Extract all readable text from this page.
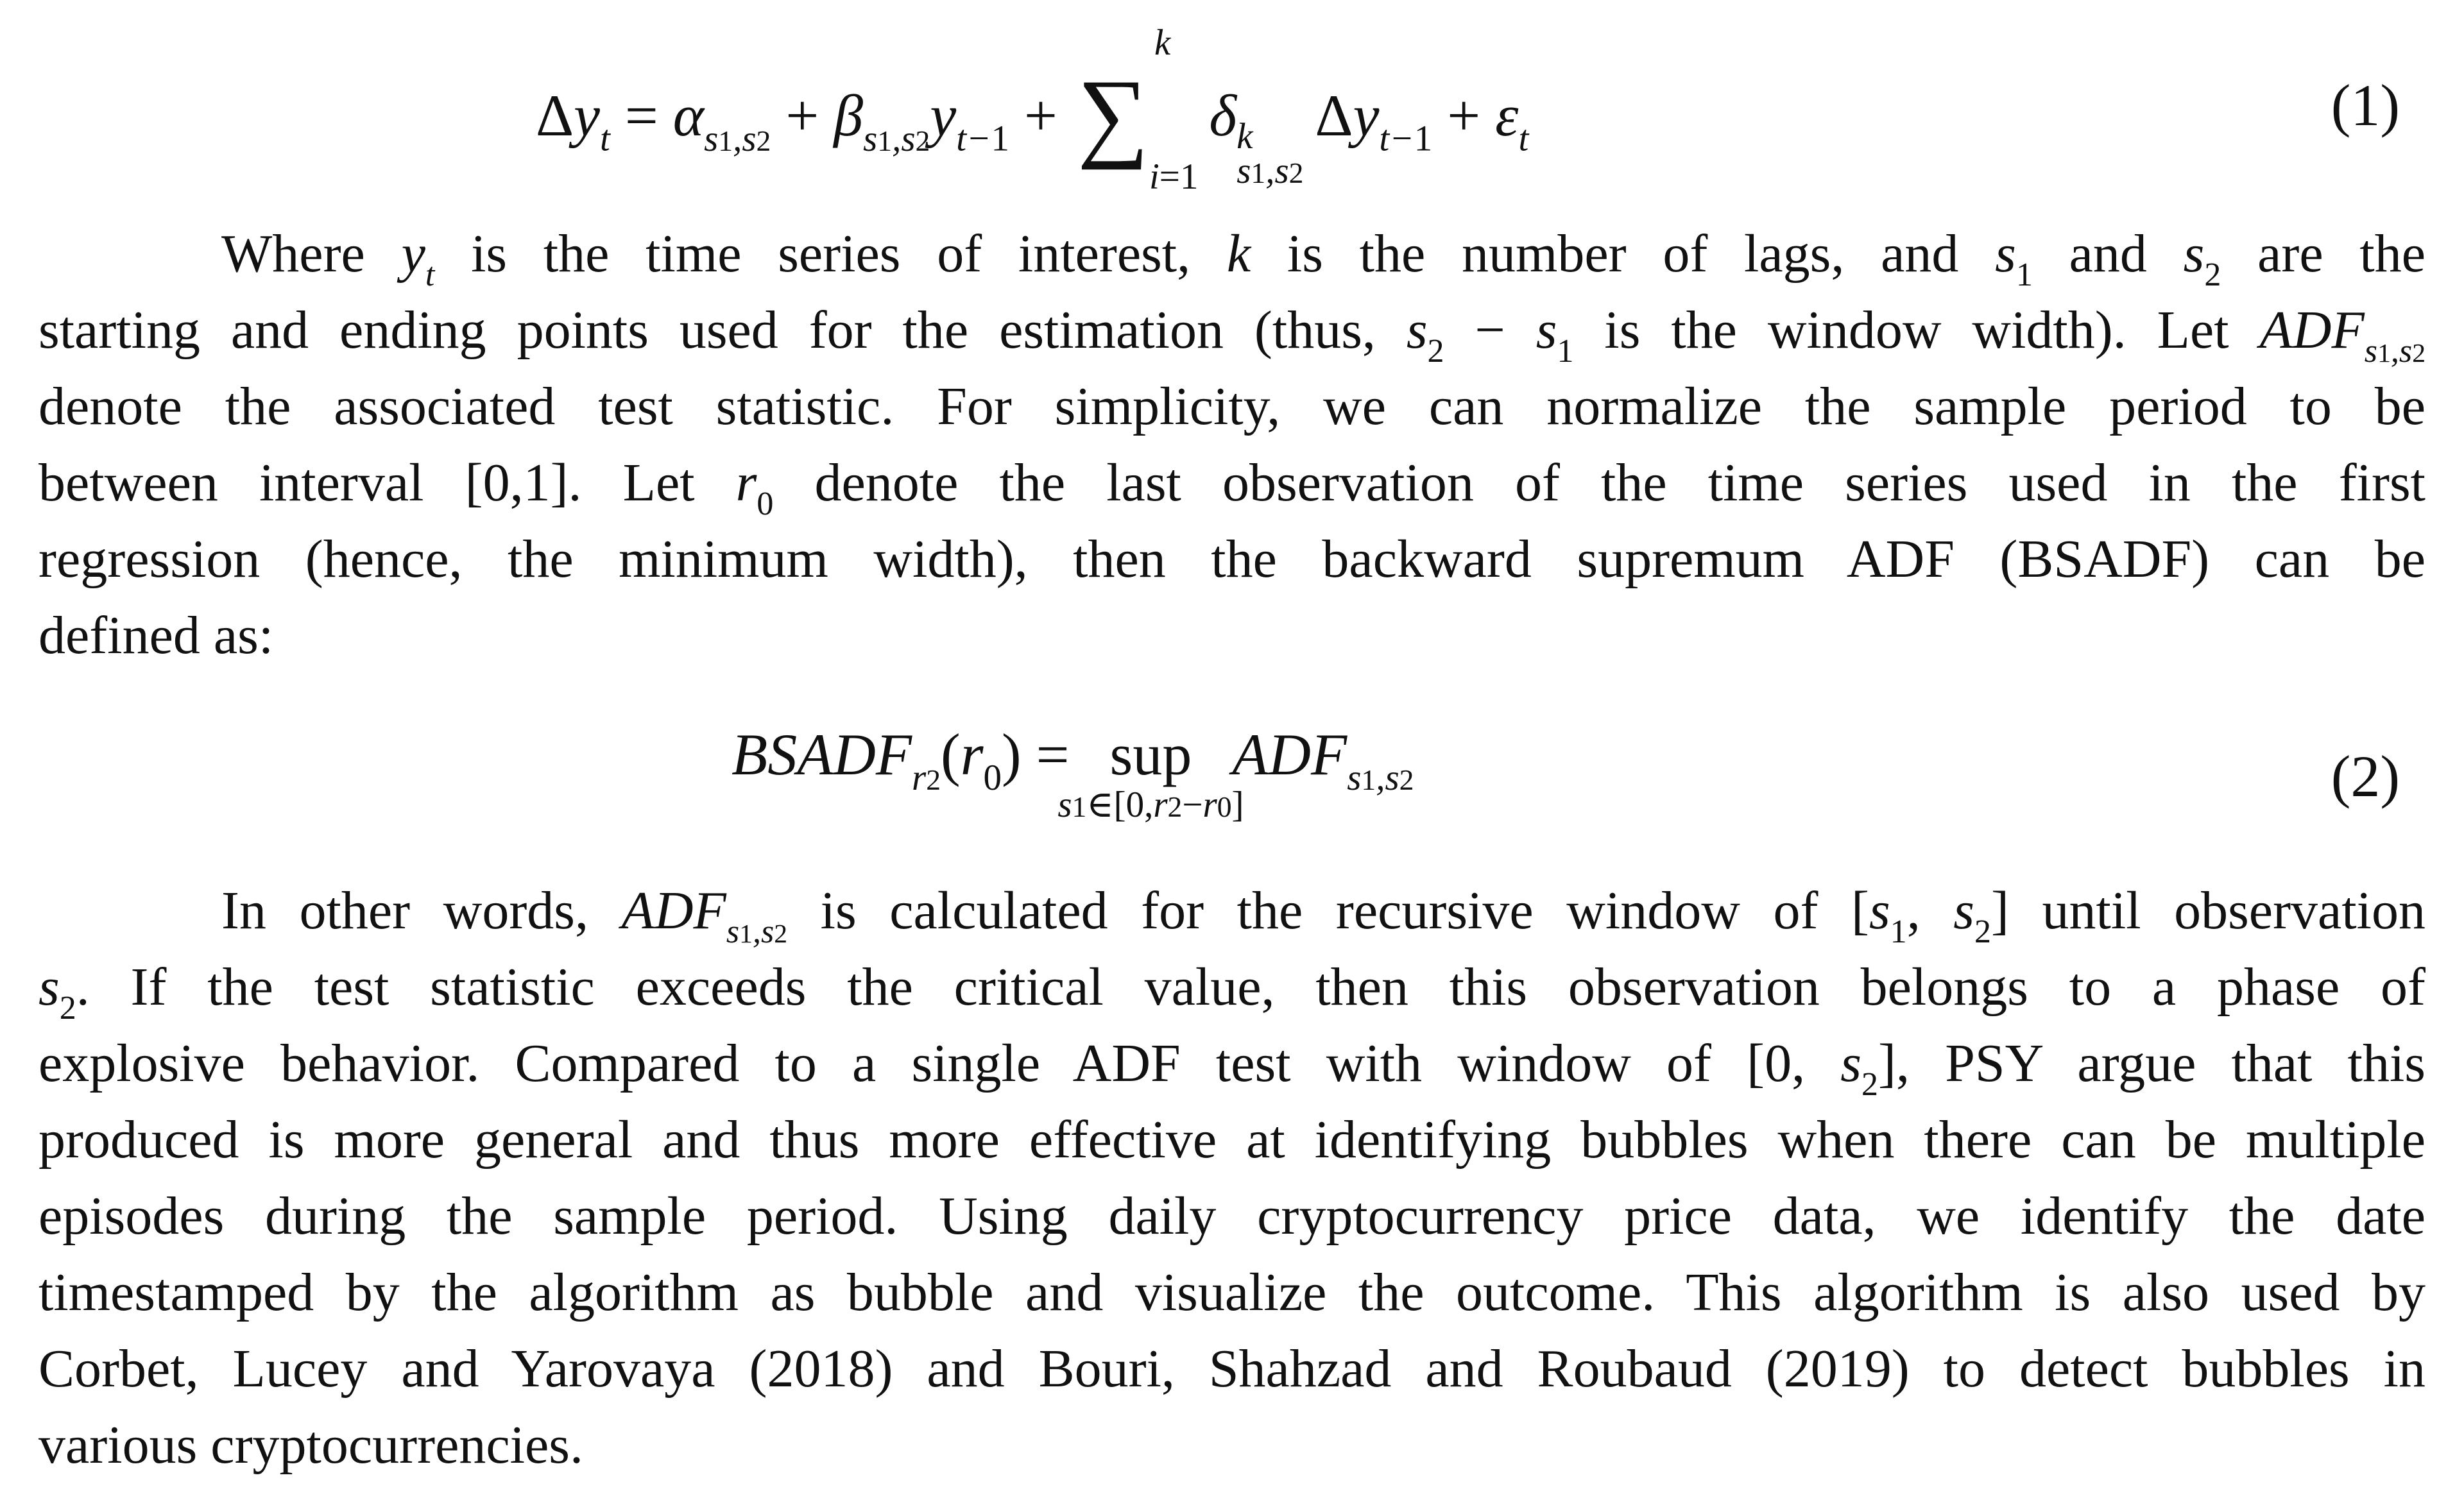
$\Delta y_t = \alpha_{s1,s2} + \beta_{s1,s2}y_{t-1}$ + ∑
k
i=1
δ k
s1,s2
$\Delta y_{t-1} + \varepsilon_t$
(1)
Where $y_t$ is the time series of interest, k is the number of lags, and $s_1$ and $s_2$ are the
starting and ending points used for the estimation (thus, $s_2 - s_1$ is the window width). Let $ADF_{s1,s2}$
denote the associated test statistic. For simplicity, we can normalize the sample period to be
between interval [0,1]. Let $r_0$ denote the last observation of the time series used in the first
regression (hence, the minimum width), then the backward supremum ADF (BSADF) can be
defined as:
$BSADF_{r2}(r_0)$ = sup
s1∈[0,r2−r0]
$ADF_{s1,s2}$	(2)
In other words, $ADF_{s1,s2}$ is calculated for the recursive window of [$s_1$, $s_2$] until observation
$s_2$. If the test statistic exceeds the critical value, then this observation belongs to a phase of
explosive behavior. Compared to a single ADF test with window of [0, $s_2$], PSY argue that this
produced is more general and thus more effective at identifying bubbles when there can be multiple
episodes during the sample period. Using daily cryptocurrency price data, we identify the date
timestamped by the algorithm as bubble and visualize the outcome. This algorithm is also used by
Corbet, Lucey and Yarovaya (2018) and Bouri, Shahzad and Roubaud (2019) to detect bubbles in
various cryptocurrencies.
